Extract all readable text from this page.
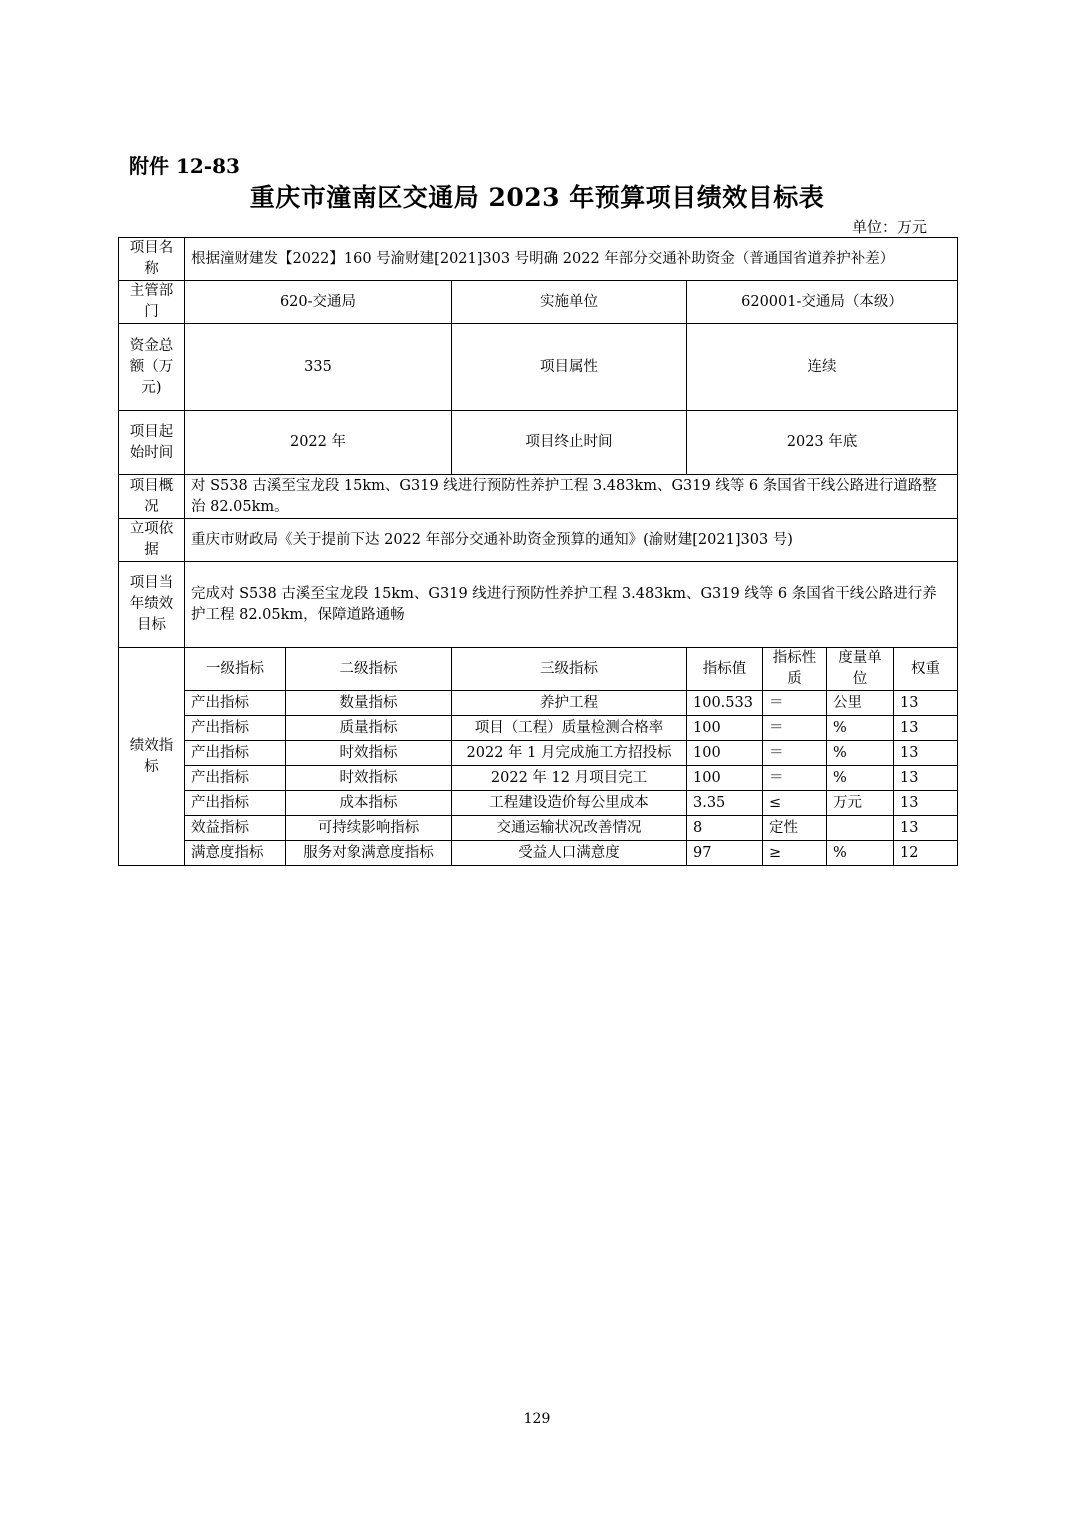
附件 12-83
重庆市潼南区交通局 2023 年预算项目绩效目标表
单位：万元
项目名称	根据潼财建发【2022】160 号渝财建[2021]303 号明确 2022 年部分交通补助资金（普通国省道养护补差）						
主管部门	620-交通局		实施单位	620001-交通局（本级）			
资金总额（万元)	335		项目属性	连续			
项目起始时间	2022 年		项目终止时间	2023 年底			
项目概况	对 S538 古溪至宝龙段 15km、G319 线进行预防性养护工程 3.483km、G319 线等 6 条国省干线公路进行道路整治 82.05km。						
立项依据	重庆市财政局《关于提前下达 2022 年部分交通补助资金预算的通知》(渝财建[2021]303 号)						
项目当年绩效目标	完成对 S538 古溪至宝龙段 15km、G319 线进行预防性养护工程 3.483km、G319 线等 6 条国省干线公路进行养护工程 82.05km，保障道路通畅						
绩效指标	一级指标	二级指标	三级指标	指标值	指标性质	度量单位	权重
	产出指标	数量指标	养护工程	100.533	＝	公里	13
	产出指标	质量指标	项目（工程）质量检测合格率	100	＝	%	13
	产出指标	时效指标	2022 年 1 月完成施工方招投标	100	＝	%	13
	产出指标	时效指标	2022 年 12 月项目完工	100	＝	%	13
	产出指标	成本指标	工程建设造价每公里成本	3.35	≤	万元	13
	效益指标	可持续影响指标	交通运输状况改善情况	8	定性		13
	满意度指标	服务对象满意度指标	受益人口满意度	97	≥	%	12
129
